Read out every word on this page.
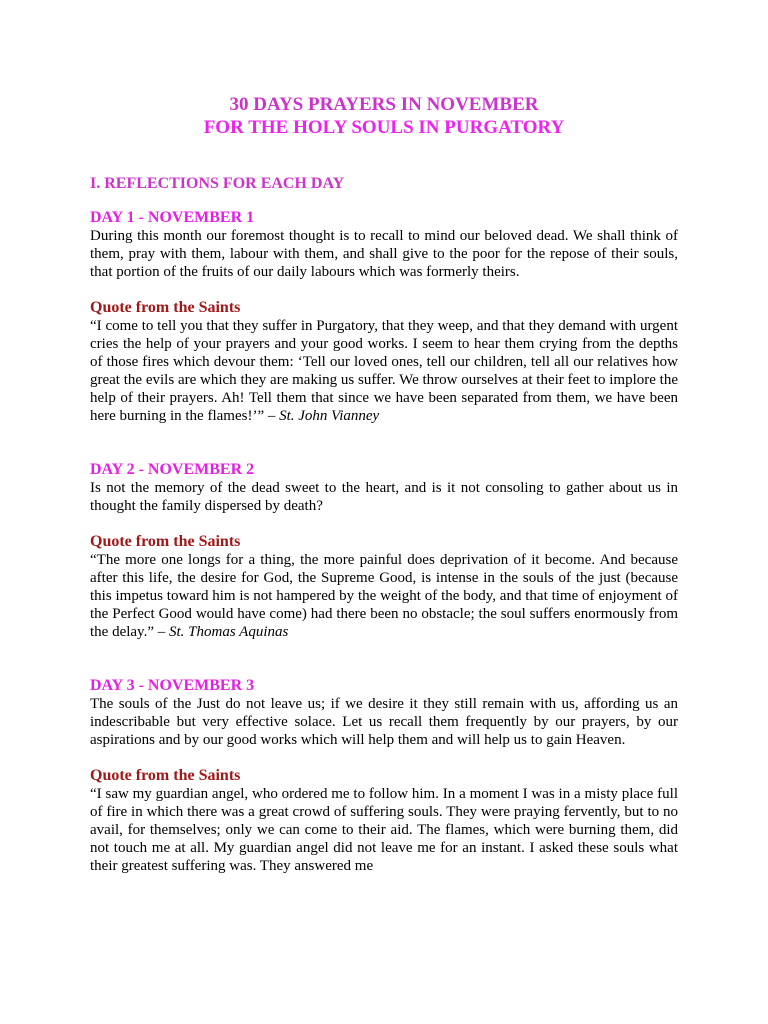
30 DAYS PRAYERS IN NOVEMBER
FOR THE HOLY SOULS IN PURGATORY
I. REFLECTIONS FOR EACH DAY
DAY 1 - NOVEMBER 1

During this month our foremost thought is to recall to mind our beloved dead. We shall think of them, pray with them, labour with them, and shall give to the poor for the repose of their souls, that portion of the fruits of our daily labours which was formerly theirs.

Quote from the Saints

“I come to tell you that they suffer in Purgatory, that they weep, and that they demand with urgent cries the help of your prayers and your good works. I seem to hear them crying from the depths of those fires which devour them: ‘Tell our loved ones, tell our children, tell all our relatives how great the evils are which they are making us suffer. We throw ourselves at their feet to implore the help of their prayers. Ah! Tell them that since we have been separated from them, we have been here burning in the flames!’” – St. John Vianney

DAY 2 - NOVEMBER 2

Is not the memory of the dead sweet to the heart, and is it not consoling to gather about us in thought the family dispersed by death?

Quote from the Saints

“The more one longs for a thing, the more painful does deprivation of it become. And because after this life, the desire for God, the Supreme Good, is intense in the souls of the just (because this impetus toward him is not hampered by the weight of the body, and that time of enjoyment of the Perfect Good would have come) had there been no obstacle; the soul suffers enormously from the delay.” – St. Thomas Aquinas

DAY 3 - NOVEMBER 3

The souls of the Just do not leave us; if we desire it they still remain with us, affording us an indescribable but very effective solace. Let us recall them frequently by our prayers, by our aspirations and by our good works which will help them and will help us to gain Heaven.

Quote from the Saints

“I saw my guardian angel, who ordered me to follow him. In a moment I was in a misty place full of fire in which there was a great crowd of suffering souls. They were praying fervently, but to no avail, for themselves; only we can come to their aid. The flames, which were burning them, did not touch me at all. My guardian angel did not leave me for an instant. I asked these souls what their greatest suffering was. They answered me
